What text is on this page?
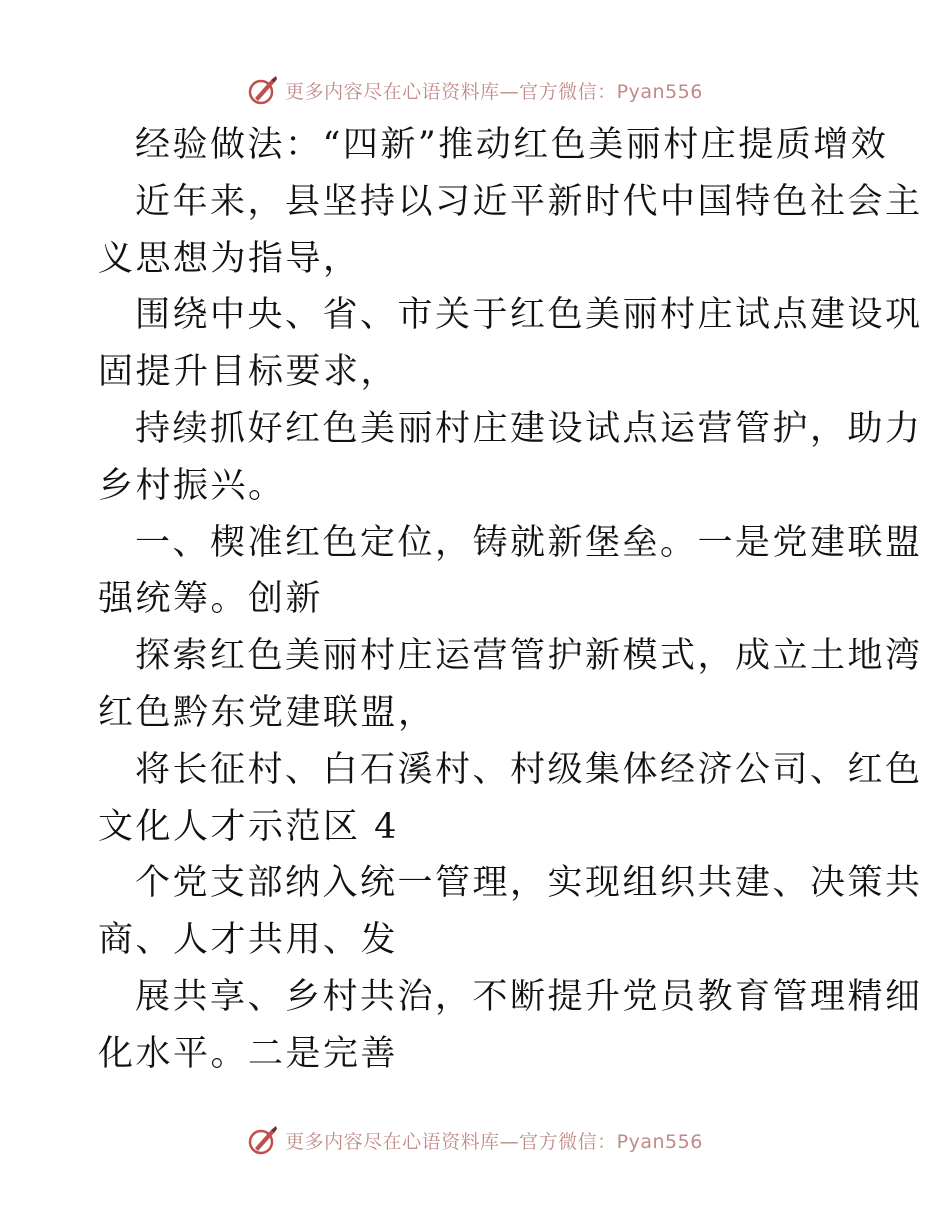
更多内容尽在心语资料库—官方微信：Pyan556
经验做法：“四新”推动红色美丽村庄提质增效
近年来，县坚持以习近平新时代中国特色社会主
义思想为指导，
围绕中央、省、市关于红色美丽村庄试点建设巩
固提升目标要求，
持续抓好红色美丽村庄建设试点运营管护，助力
乡村振兴。
一、楔准红色定位，铸就新堡垒。一是党建联盟
强统筹。创新
探索红色美丽村庄运营管护新模式，成立土地湾
红色黔东党建联盟，
将长征村、白石溪村、村级集体经济公司、红色
文化人才示范区 4
个党支部纳入统一管理，实现组织共建、决策共
商、人才共用、发
展共享、乡村共治，不断提升党员教育管理精细
化水平。二是完善
更多内容尽在心语资料库—官方微信：Pyan556
